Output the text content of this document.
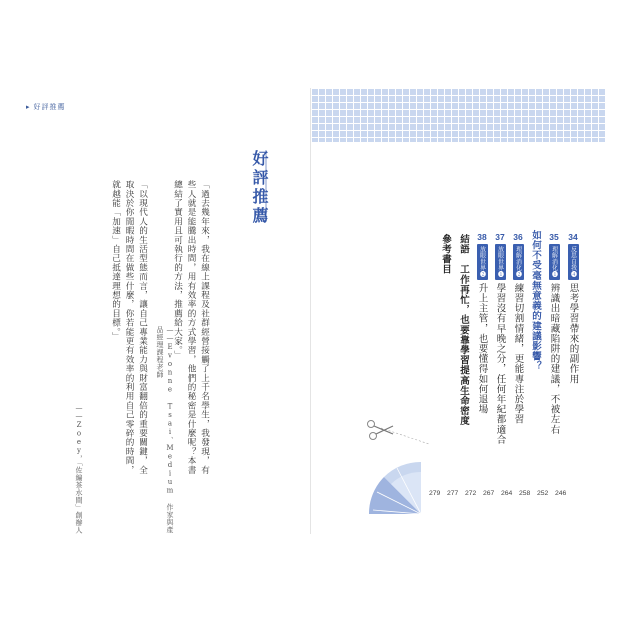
▸ 好評推薦
好評推薦
「過去幾年來，我在線上課程及社群經營接觸了上千名學生，我發現，有些人就是能騰出時間，用有效率的方式學習，他們的秘密是什麼呢？本書總結了實用且可執行的方法，推薦給大家。」
——Evonne Tsai、Medium 作家與產品經理課程老師
「以現代人的生活型態而言，讓自己專業能力與財富翻倍的重要關鍵，全取決於你閒暇時間在做些什麼，你若能更有效率的利用自己零碎的時間，就越能「加速」自己抵達理想的目標。」
——Zoey，「佐編茶水間」創辦人
34
反思自我❹
思考學習帶來的副作用
35
理解消化❶
辨識出暗藏陷阱的建議，不被左右
如何不受毫無意義的建議影響？
36
理解消化❷
練習切割情緒，更能專注於學習
37
放眼世界❶
學習沒有早晚之分，任何年紀都適合
38
放眼世界❷
升上主管，也要懂得如何退場
結語　工作再忙，也要靠學習提高生命密度
參考書目
279 277 272 267 264 258 252 246
